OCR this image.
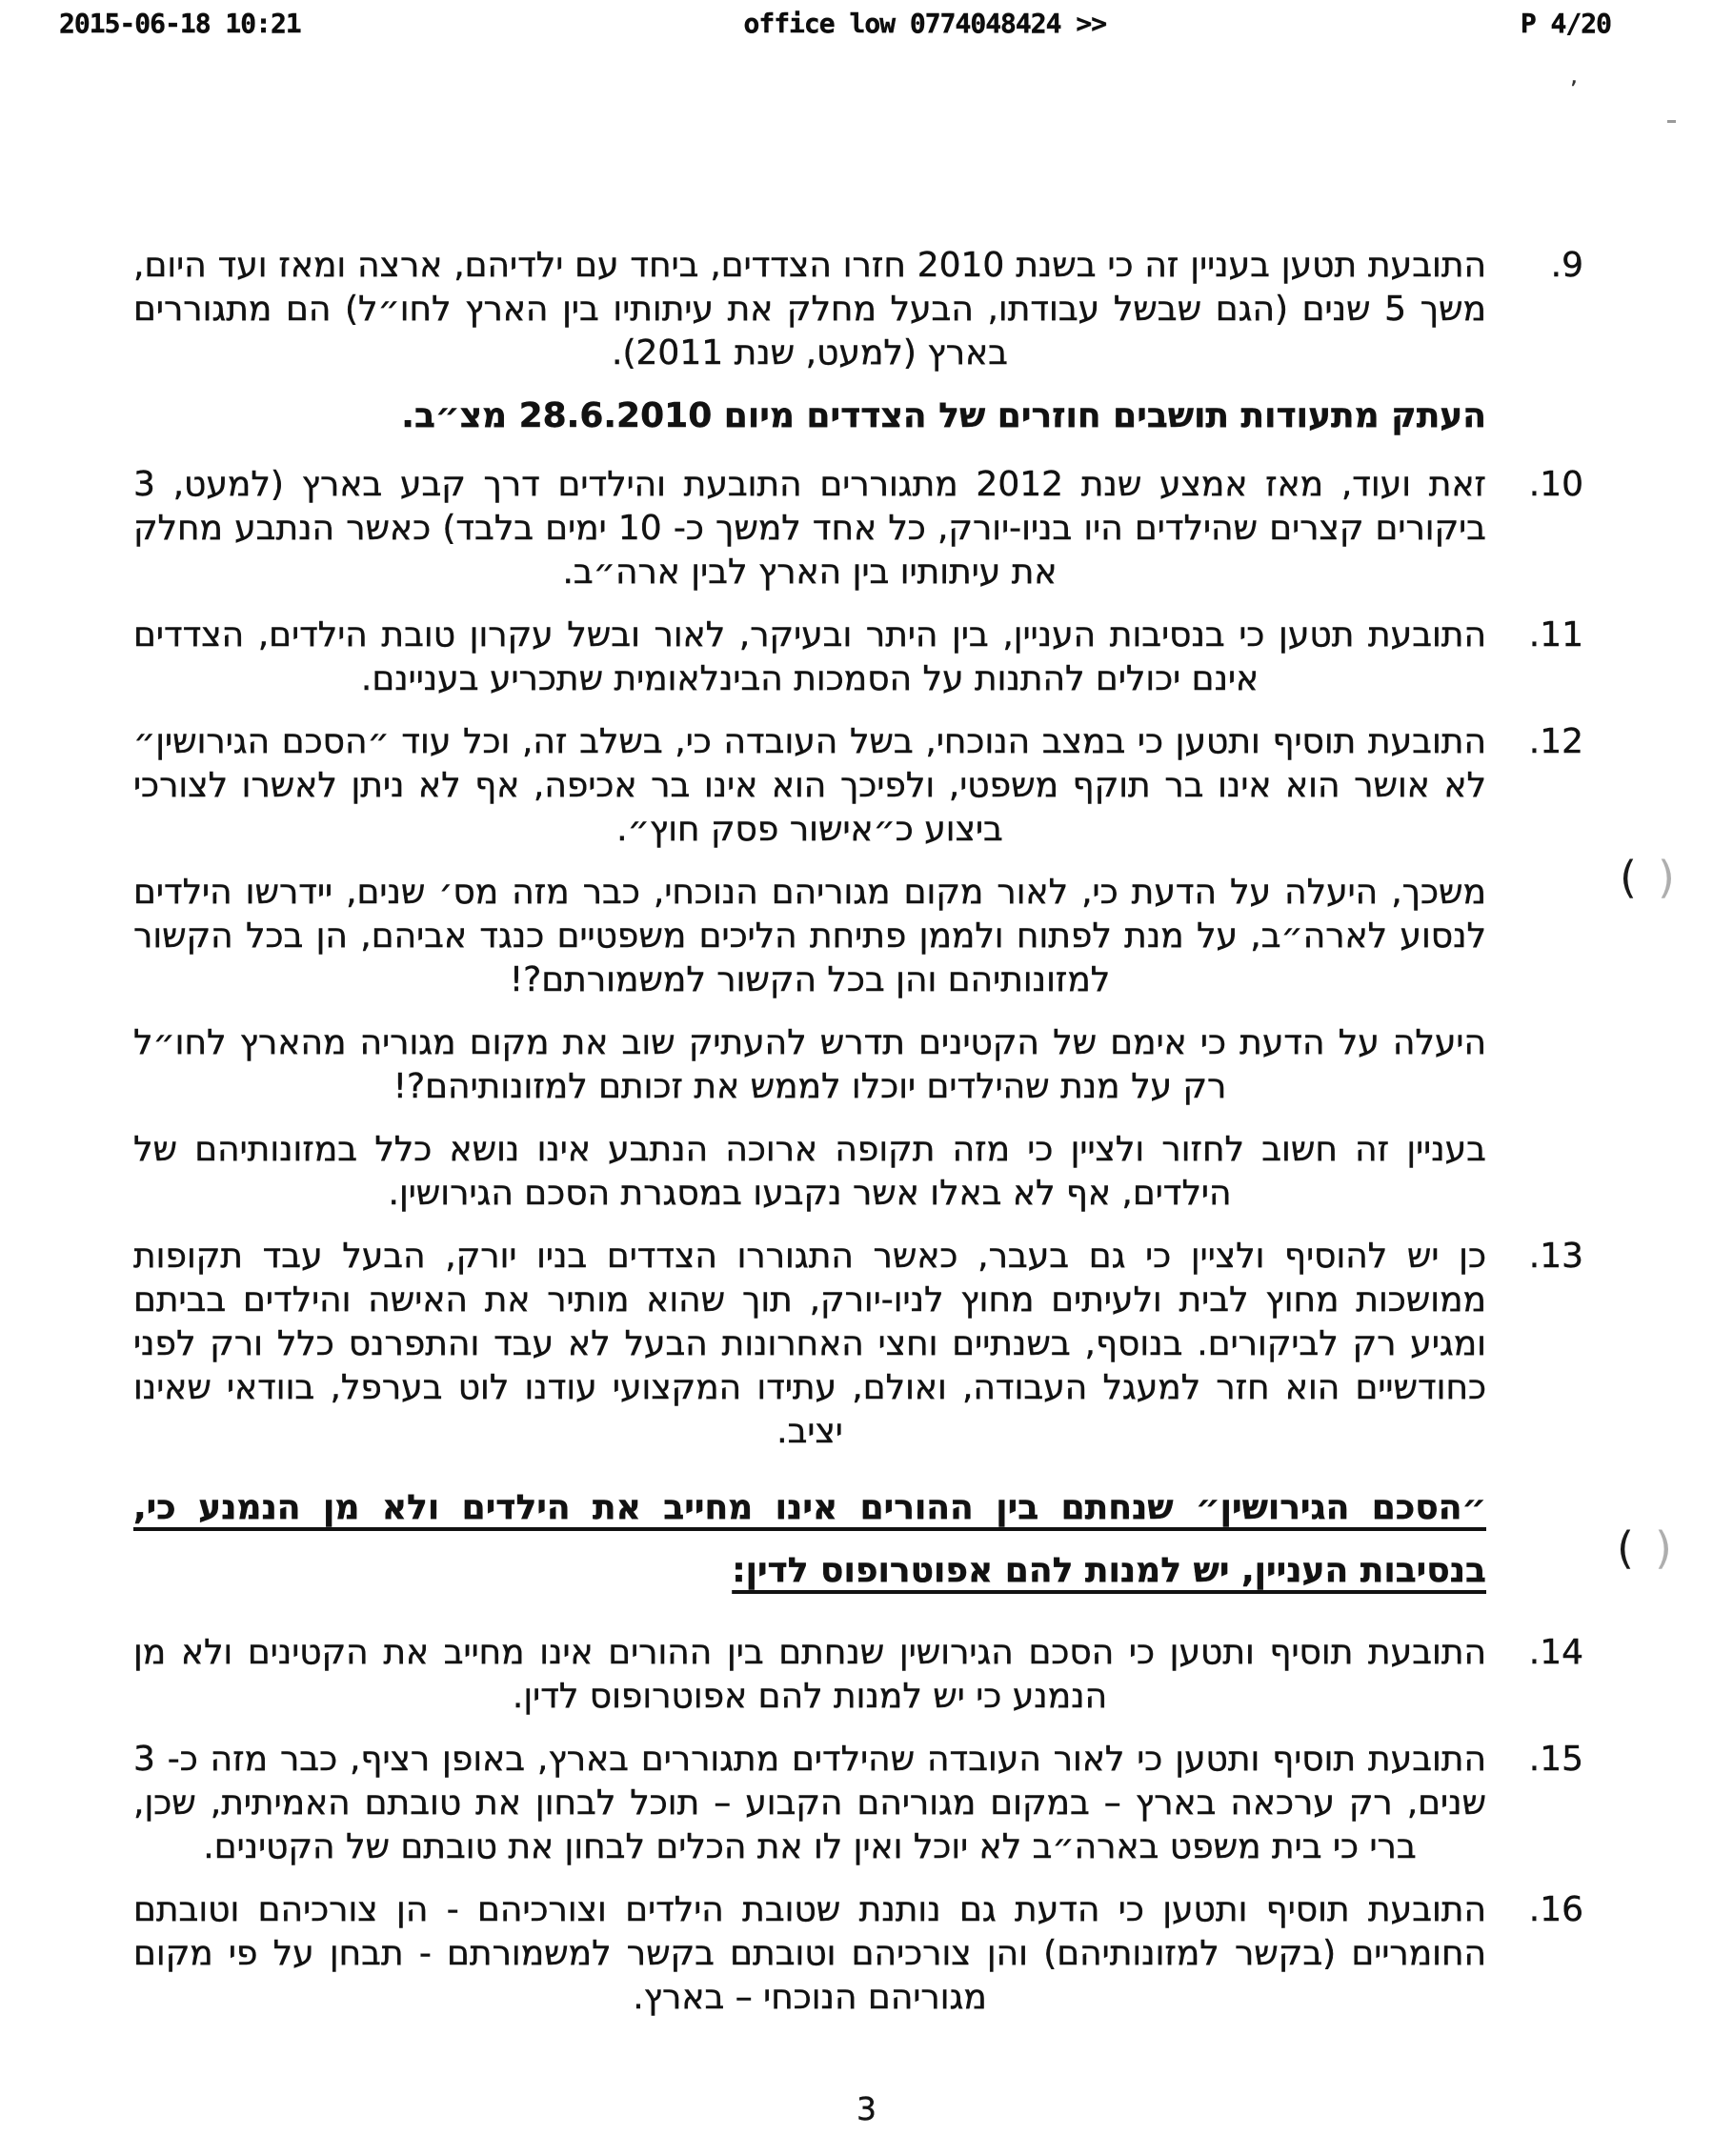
2015-06-18 10:21	office low 0774048424 >>	P 4/20
’
9.
התובעת תטען בעניין זה כי בשנת 2010 חזרו הצדדים, ביחד עם ילדיהם, ארצה ומאז ועד היום, משך 5 שנים (הגם שבשל עבודתו, הבעל מחלק את עיתותיו בין הארץ לחו״ל) הם מתגוררים בארץ (למעט, שנת 2011).

העתק מתעודות תושבים חוזרים של הצדדים מיום 28.6.2010 מצ״ב.

10.
זאת ועוד, מאז אמצע שנת 2012 מתגוררים התובעת והילדים דרך קבע בארץ (למעט, 3 ביקורים קצרים שהילדים היו בניו-יורק, כל אחד למשך כ- 10 ימים בלבד) כאשר הנתבע מחלק את עיתותיו בין הארץ לבין ארה״ב.
11.
התובעת תטען כי בנסיבות העניין, בין היתר ובעיקר, לאור ובשל עקרון טובת הילדים, הצדדים אינם יכולים להתנות על הסמכות הבינלאומית שתכריע בעניינם.
12.
התובעת תוסיף ותטען כי במצב הנוכחי, בשל העובדה כי, בשלב זה, וכל עוד ״הסכם הגירושין״ לא אושר הוא אינו בר תוקף משפטי, ולפיכך הוא אינו בר אכיפה, אף לא ניתן לאשרו לצורכי ביצוע כ״אישור פסק חוץ״.

משכך, היעלה על הדעת כי, לאור מקום מגוריהם הנוכחי, כבר מזה מס׳ שנים, יידרשו הילדים לנסוע לארה״ב, על מנת לפתוח ולממן פתיחת הליכים משפטיים כנגד אביהם, הן בכל הקשור למזונותיהם והן בכל הקשור למשמורתם?!

היעלה על הדעת כי אימם של הקטינים תדרש להעתיק שוב את מקום מגוריה מהארץ לחו״ל רק על מנת שהילדים יוכלו לממש את זכותם למזונותיהם?!

בעניין זה חשוב לחזור ולציין כי מזה תקופה ארוכה הנתבע אינו נושא כלל במזונותיהם של הילדים, אף לא באלו אשר נקבעו במסגרת הסכם הגירושין.

13.
כן יש להוסיף ולציין כי גם בעבר, כאשר התגוררו הצדדים בניו יורק, הבעל עבד תקופות ממושכות מחוץ לבית ולעיתים מחוץ לניו-יורק, תוך שהוא מותיר את האישה והילדים בביתם ומגיע רק לביקורים. בנוסף, בשנתיים וחצי האחרונות הבעל לא עבד והתפרנס כלל ורק לפני כחודשיים הוא חזר למעגל העבודה, ואולם, עתידו המקצועי עודנו לוט בערפל, בוודאי שאינו יציב.

״הסכם הגירושין״ שנחתם בין ההורים אינו מחייב את הילדים ולא מן הנמנע כי, בנסיבות העניין, יש למנות להם אפוטרופוס לדין:

14.
התובעת תוסיף ותטען כי הסכם הגירושין שנחתם בין ההורים אינו מחייב את הקטינים ולא מן הנמנע כי יש למנות להם אפוטרופוס לדין.
15.
התובעת תוסיף ותטען כי לאור העובדה שהילדים מתגוררים בארץ, באופן רציף, כבר מזה כ- 3 שנים, רק ערכאה בארץ – במקום מגוריהם הקבוע – תוכל לבחון את טובתם האמיתית, שכן, ברי כי בית משפט בארה״ב לא יוכל ואין לו את הכלים לבחון את טובתם של הקטינים.
16.
התובעת תוסיף ותטען כי הדעת גם נותנת שטובת הילדים וצורכיהם - הן צורכיהם וטובתם החומריים (בקשר למזונותיהם) והן צורכיהם וטובתם בקשר למשמורתם - תבחן על פי מקום מגוריהם הנוכחי – בארץ.
( )
( )
3
